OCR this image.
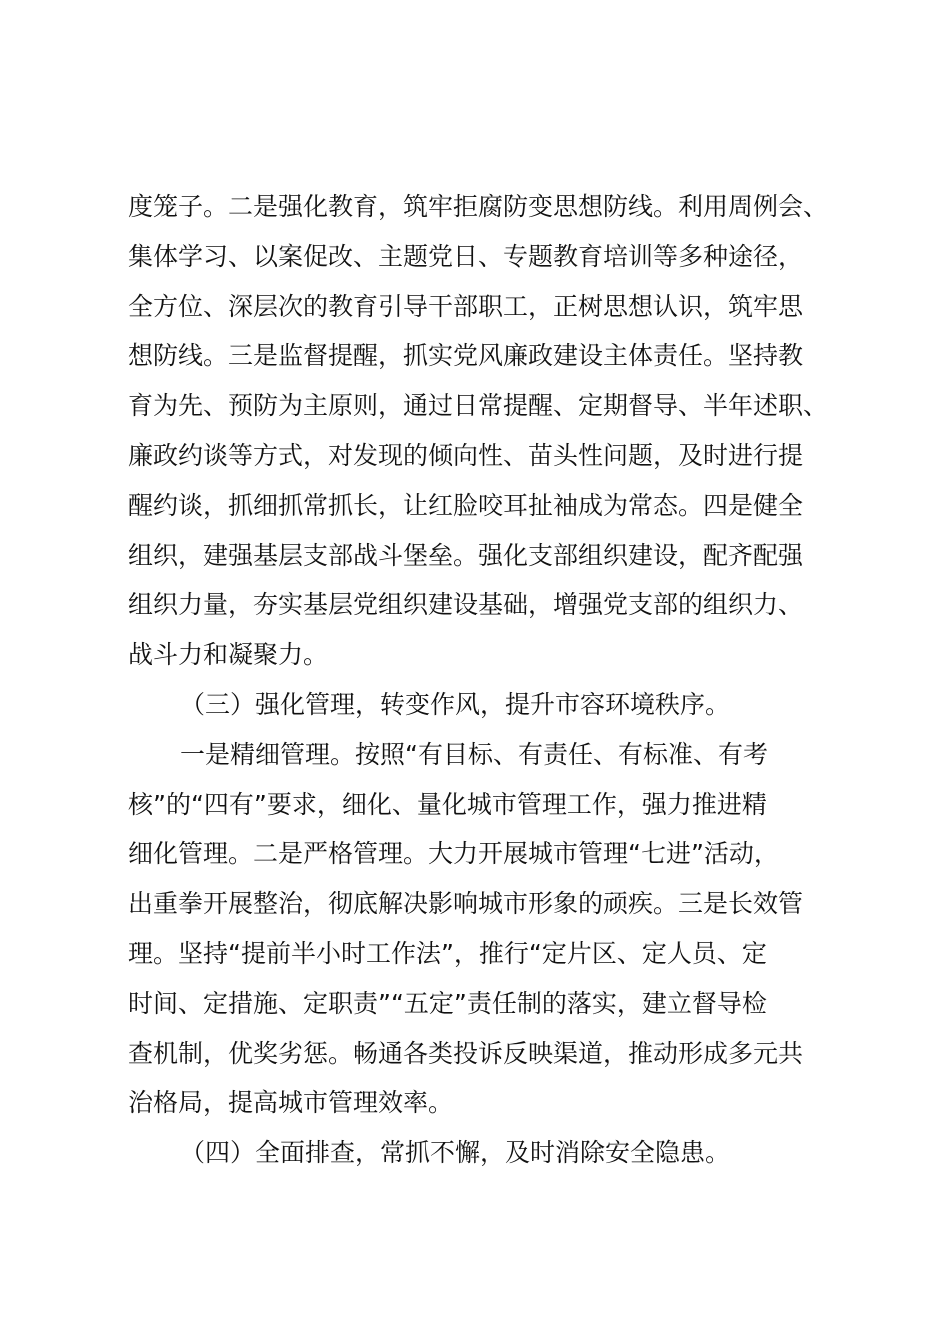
度笼子。二是强化教育，筑牢拒腐防变思想防线。利用周例会、
集体学习、以案促改、主题党日、专题教育培训等多种途径，
全方位、深层次的教育引导干部职工，正树思想认识，筑牢思
想防线。三是监督提醒，抓实党风廉政建设主体责任。坚持教
育为先、预防为主原则，通过日常提醒、定期督导、半年述职、
廉政约谈等方式，对发现的倾向性、苗头性问题，及时进行提
醒约谈，抓细抓常抓长，让红脸咬耳扯袖成为常态。四是健全
组织，建强基层支部战斗堡垒。强化支部组织建设，配齐配强
组织力量，夯实基层党组织建设基础，增强党支部的组织力、
战斗力和凝聚力。
（三）强化管理，转变作风，提升市容环境秩序。
一是精细管理。按照“有目标、有责任、有标准、有考
核”的“四有”要求，细化、量化城市管理工作，强力推进精
细化管理。二是严格管理。大力开展城市管理“七进”活动，
出重拳开展整治，彻底解决影响城市形象的顽疾。三是长效管
理。坚持“提前半小时工作法”，推行“定片区、定人员、定
时间、定措施、定职责”“五定”责任制的落实，建立督导检
查机制，优奖劣惩。畅通各类投诉反映渠道，推动形成多元共
治格局，提高城市管理效率。
（四）全面排查，常抓不懈，及时消除安全隐患。
